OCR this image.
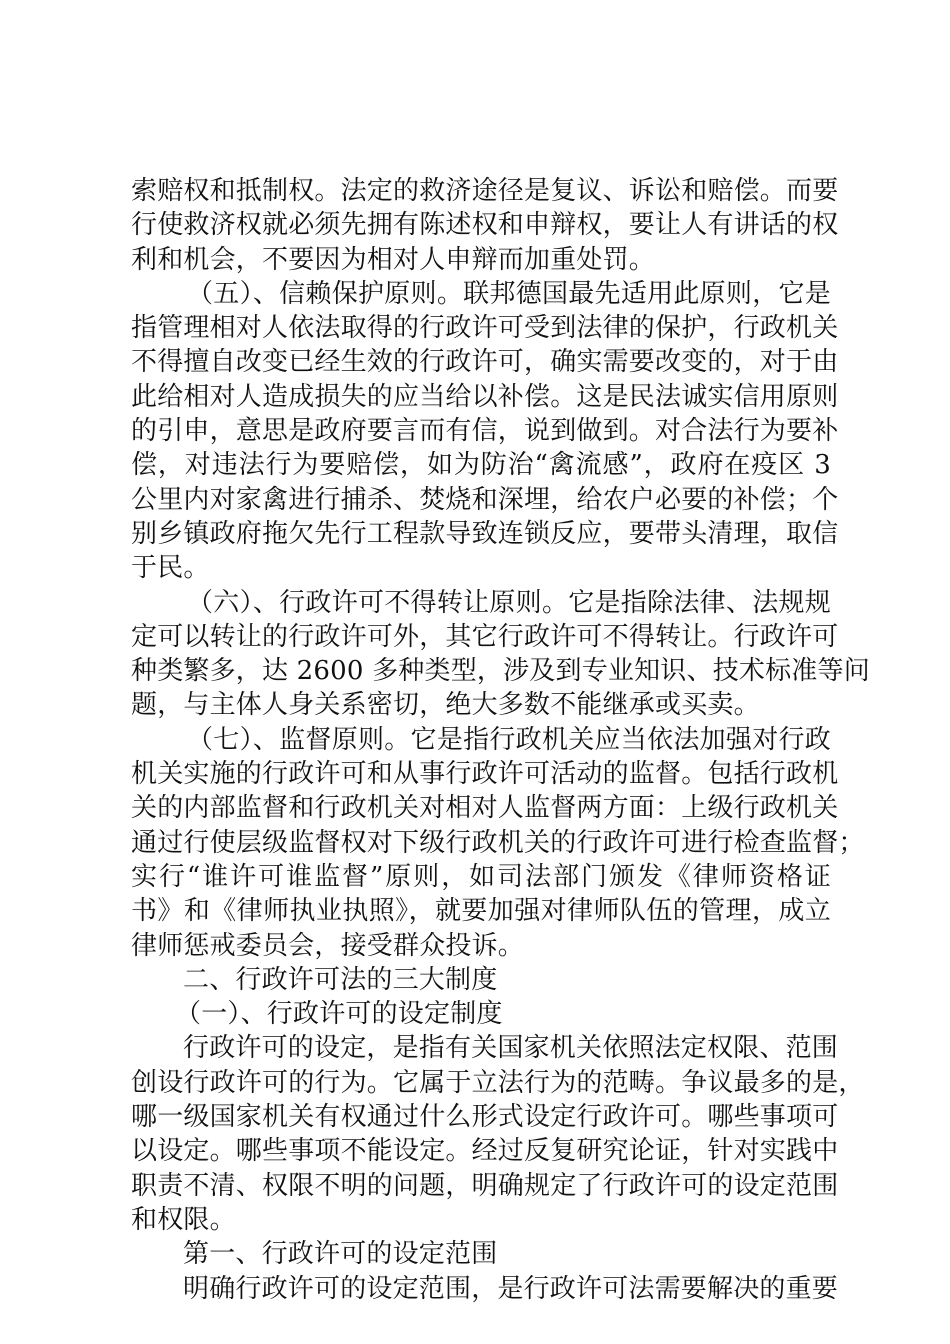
索赔权和抵制权。法定的救济途径是复议、诉讼和赔偿。而要
行使救济权就必须先拥有陈述权和申辩权，要让人有讲话的权
利和机会，不要因为相对人申辩而加重处罚。
（五）、信赖保护原则。联邦德国最先适用此原则，它是
指管理相对人依法取得的行政许可受到法律的保护，行政机关
不得擅自改变已经生效的行政许可，确实需要改变的，对于由
此给相对人造成损失的应当给以补偿。这是民法诚实信用原则
的引申，意思是政府要言而有信，说到做到。对合法行为要补
偿，对违法行为要赔偿，如为防治“禽流感”，政府在疫区 3
公里内对家禽进行捕杀、焚烧和深埋，给农户必要的补偿；个
别乡镇政府拖欠先行工程款导致连锁反应，要带头清理，取信
于民。
（六）、行政许可不得转让原则。它是指除法律、法规规
定可以转让的行政许可外，其它行政许可不得转让。行政许可
种类繁多，达 2600 多种类型，涉及到专业知识、技术标准等问
题，与主体人身关系密切，绝大多数不能继承或买卖。
（七）、监督原则。它是指行政机关应当依法加强对行政
机关实施的行政许可和从事行政许可活动的监督。包括行政机
关的内部监督和行政机关对相对人监督两方面：上级行政机关
通过行使层级监督权对下级行政机关的行政许可进行检查监督；
实行“谁许可谁监督”原则，如司法部门颁发《律师资格证
书》和《律师执业执照》，就要加强对律师队伍的管理，成立
律师惩戒委员会，接受群众投诉。
二、行政许可法的三大制度
（一）、行政许可的设定制度
行政许可的设定，是指有关国家机关依照法定权限、范围
创设行政许可的行为。它属于立法行为的范畴。争议最多的是，
哪一级国家机关有权通过什么形式设定行政许可。哪些事项可
以设定。哪些事项不能设定。经过反复研究论证，针对实践中
职责不清、权限不明的问题，明确规定了行政许可的设定范围
和权限。
第一、行政许可的设定范围
明确行政许可的设定范围，是行政许可法需要解决的重要
